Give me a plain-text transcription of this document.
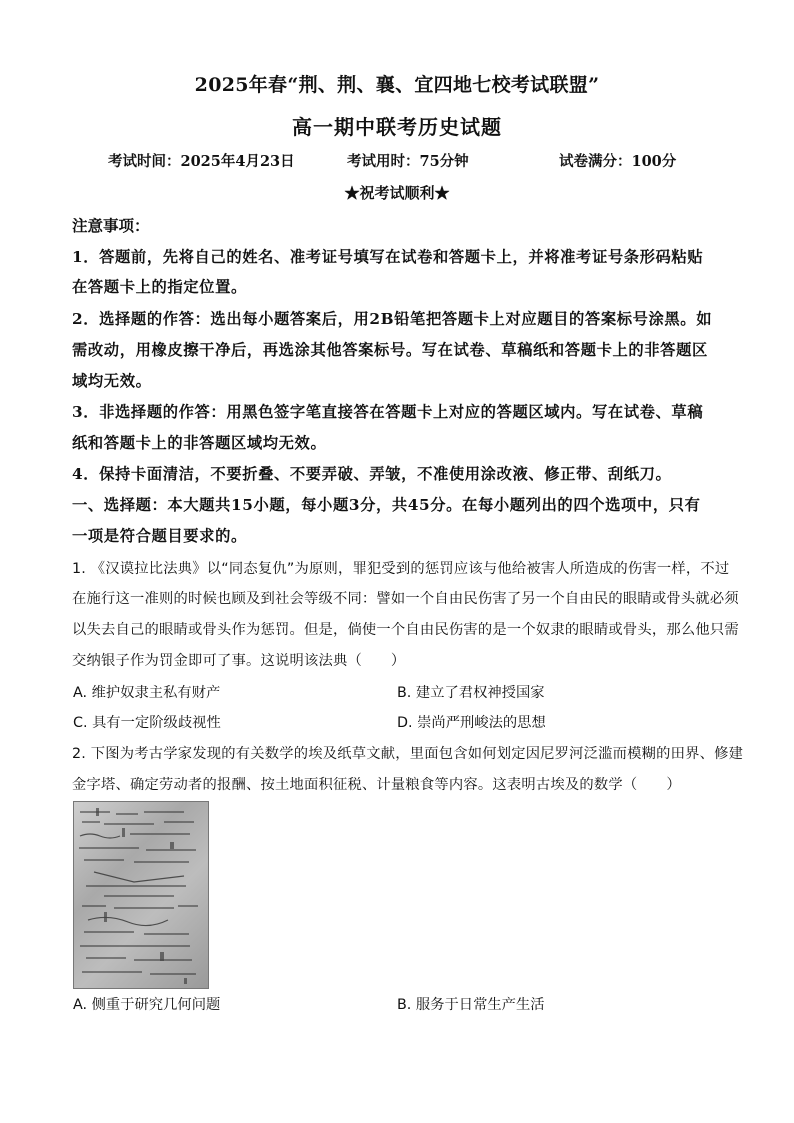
2025年春“荆、荆、襄、宜四地七校考试联盟”
高一期中联考历史试题
考试时间：2025年4月23日	考试用时：75分钟	试卷满分：100分
★祝考试顺利★
注意事项：
1．答题前，先将自己的姓名、准考证号填写在试卷和答题卡上，并将准考证号条形码粘贴
在答题卡上的指定位置。
2．选择题的作答：选出每小题答案后，用2B铅笔把答题卡上对应题目的答案标号涂黑。如
需改动，用橡皮擦干净后，再选涂其他答案标号。写在试卷、草稿纸和答题卡上的非答题区
域均无效。
3．非选择题的作答：用黑色签字笔直接答在答题卡上对应的答题区域内。写在试卷、草稿
纸和答题卡上的非答题区域均无效。
4．保持卡面清洁，不要折叠、不要弄破、弄皱，不准使用涂改液、修正带、刮纸刀。
一、选择题：本大题共15小题，每小题3分，共45分。在每小题列出的四个选项中，只有
一项是符合题目要求的。
1. 《汉谟拉比法典》以“同态复仇”为原则，罪犯受到的惩罚应该与他给被害人所造成的伤害一样，不过
在施行这一准则的时候也顾及到社会等级不同：譬如一个自由民伤害了另一个自由民的眼睛或骨头就必须
以失去自己的眼睛或骨头作为惩罚。但是，倘使一个自由民伤害的是一个奴隶的眼睛或骨头，那么他只需
交纳银子作为罚金即可了事。这说明该法典（　　）
A. 维护奴隶主私有财产	B. 建立了君权神授国家
C. 具有一定阶级歧视性	D. 崇尚严刑峻法的思想
2. 下图为考古学家发现的有关数学的埃及纸草文献，里面包含如何划定因尼罗河泛滥而模糊的田界、修建
金字塔、确定劳动者的报酬、按土地面积征税、计量粮食等内容。这表明古埃及的数学（　　）
A. 侧重于研究几何问题	B. 服务于日常生产生活
